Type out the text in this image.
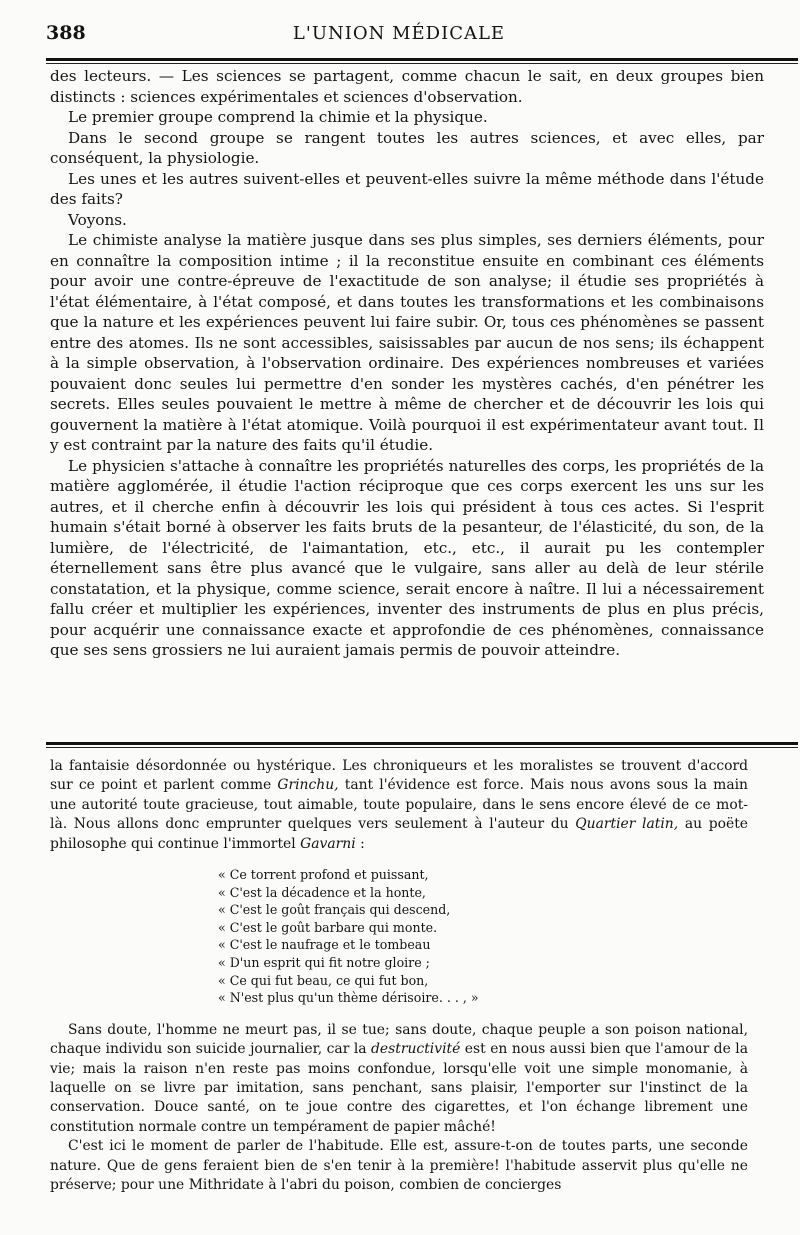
388	L'UNION MÉDICALE

des lecteurs. — Les sciences se partagent, comme chacun le sait, en deux groupes bien distincts : sciences expérimentales et sciences d'observation.

Le premier groupe comprend la chimie et la physique.

Dans le second groupe se rangent toutes les autres sciences, et avec elles, par conséquent, la physiologie.

Les unes et les autres suivent-elles et peuvent-elles suivre la même méthode dans l'étude des faits?

Voyons.

Le chimiste analyse la matière jusque dans ses plus simples, ses derniers éléments, pour en connaître la composition intime ; il la reconstitue ensuite en combinant ces éléments pour avoir une contre-épreuve de l'exactitude de son analyse; il étudie ses propriétés à l'état élémentaire, à l'état composé, et dans toutes les transformations et les combinaisons que la nature et les expériences peuvent lui faire subir. Or, tous ces phénomènes se passent entre des atomes. Ils ne sont accessibles, saisissables par aucun de nos sens; ils échappent à la simple observation, à l'observation ordinaire. Des expériences nombreuses et variées pouvaient donc seules lui permettre d'en sonder les mystères cachés, d'en pénétrer les secrets. Elles seules pouvaient le mettre à même de chercher et de découvrir les lois qui gouvernent la matière à l'état atomique. Voilà pourquoi il est expérimentateur avant tout. Il y est contraint par la nature des faits qu'il étudie.

Le physicien s'attache à connaître les propriétés naturelles des corps, les propriétés de la matière agglomérée, il étudie l'action réciproque que ces corps exercent les uns sur les autres, et il cherche enfin à découvrir les lois qui président à tous ces actes. Si l'esprit humain s'était borné à observer les faits bruts de la pesanteur, de l'élasticité, du son, de la lumière, de l'électricité, de l'aimantation, etc., etc., il aurait pu les contempler éternellement sans être plus avancé que le vulgaire, sans aller au delà de leur stérile constatation, et la physique, comme science, serait encore à naître. Il lui a nécessairement fallu créer et multiplier les expériences, inventer des instruments de plus en plus précis, pour acquérir une connaissance exacte et approfondie de ces phénomènes, connaissance que ses sens grossiers ne lui auraient jamais permis de pouvoir atteindre.

la fantaisie désordonnée ou hystérique. Les chroniqueurs et les moralistes se trouvent d'accord sur ce point et parlent comme Grinchu, tant l'évidence est force. Mais nous avons sous la main une autorité toute gracieuse, tout aimable, toute populaire, dans le sens encore élevé de ce mot-là. Nous allons donc emprunter quelques vers seulement à l'auteur du Quartier latin, au poëte philosophe qui continue l'immortel Gavarni :

« Ce torrent profond et puissant,
« C'est la décadence et la honte,
« C'est le goût français qui descend,
« C'est le goût barbare qui monte.
« C'est le naufrage et le tombeau
« D'un esprit qui fit notre gloire ;
« Ce qui fut beau, ce qui fut bon,
« N'est plus qu'un thème dérisoire. . . , »

Sans doute, l'homme ne meurt pas, il se tue; sans doute, chaque peuple a son poison national, chaque individu son suicide journalier, car la destructivité est en nous aussi bien que l'amour de la vie; mais la raison n'en reste pas moins confondue, lorsqu'elle voit une simple monomanie, à laquelle on se livre par imitation, sans penchant, sans plaisir, l'emporter sur l'instinct de la conservation. Douce santé, on te joue contre des cigarettes, et l'on échange librement une constitution normale contre un tempérament de papier mâché!

C'est ici le moment de parler de l'habitude. Elle est, assure-t-on de toutes parts, une seconde nature. Que de gens feraient bien de s'en tenir à la première! l'habitude asservit plus qu'elle ne préserve; pour une Mithridate à l'abri du poison, combien de concierges
